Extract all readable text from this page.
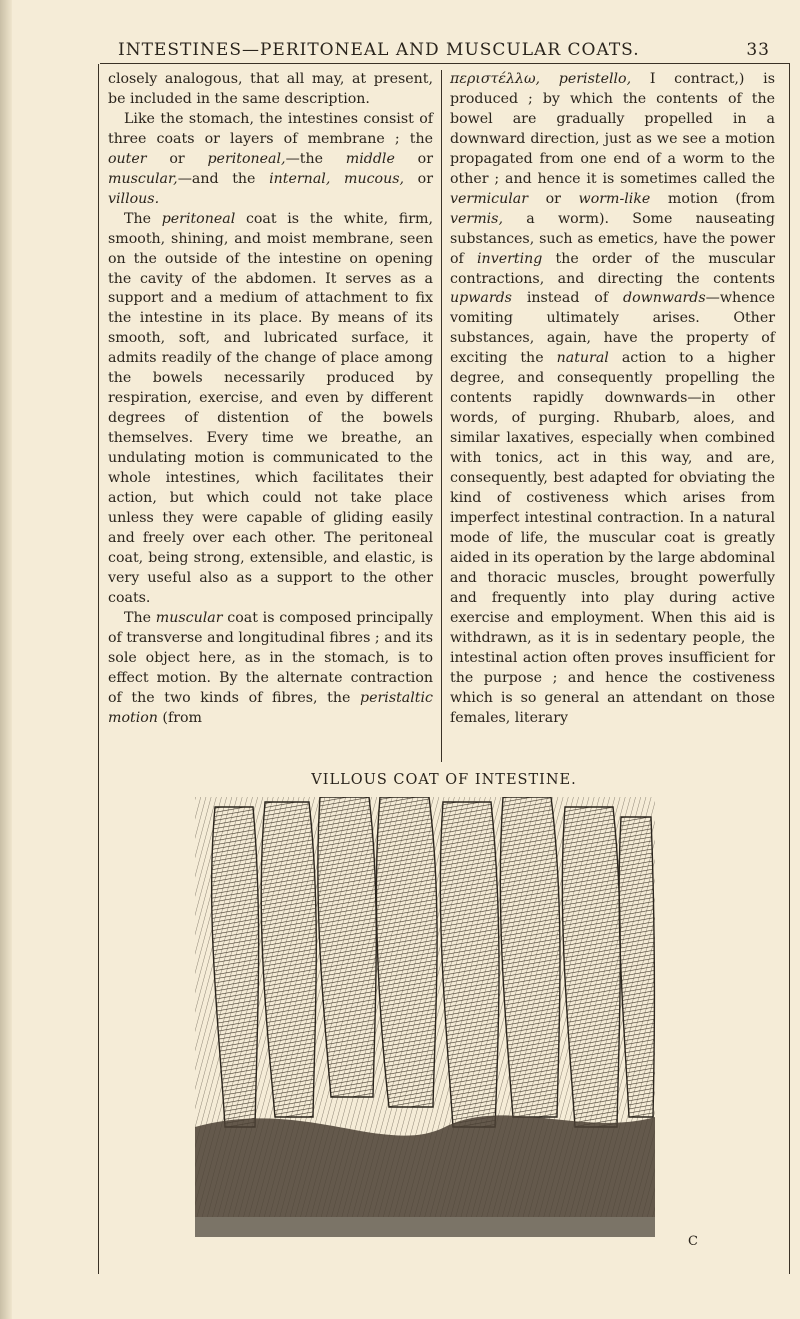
INTESTINES—PERITONEAL AND MUSCULAR COATS.	33

closely analogous, that all may, at present, be included in the same description.

Like the stomach, the intestines consist of three coats or layers of membrane ; the outer or peritoneal,—the middle or muscular,—and the internal, mucous, or villous.

The peritoneal coat is the white, firm, smooth, shining, and moist membrane, seen on the outside of the intestine on opening the cavity of the abdomen. It serves as a support and a medium of attachment to fix the intestine in its place. By means of its smooth, soft, and lubricated surface, it admits readily of the change of place among the bowels necessarily produced by respiration, exercise, and even by different degrees of distention of the bowels themselves. Every time we breathe, an undulating motion is communicated to the whole intestines, which facilitates their action, but which could not take place unless they were capable of gliding easily and freely over each other. The peritoneal coat, being strong, extensible, and elastic, is very useful also as a support to the other coats.

The muscular coat is composed principally of transverse and longitudinal fibres ; and its sole object here, as in the stomach, is to effect motion. By the alternate contraction of the two kinds of fibres, the peristaltic motion (from

περιστέλλω, peristello, I contract,) is produced ; by which the contents of the bowel are gradually propelled in a downward direction, just as we see a motion propagated from one end of a worm to the other ; and hence it is sometimes called the vermicular or worm-like motion (from vermis, a worm). Some nauseating substances, such as emetics, have the power of inverting the order of the muscular contractions, and directing the contents upwards instead of downwards—whence vomiting ultimately arises. Other substances, again, have the property of exciting the natural action to a higher degree, and consequently propelling the contents rapidly downwards—in other words, of purging. Rhubarb, aloes, and similar laxatives, especially when combined with tonics, act in this way, and are, consequently, best adapted for obviating the kind of costiveness which arises from imperfect intestinal contraction. In a natural mode of life, the muscular coat is greatly aided in its operation by the large abdominal and thoracic muscles, brought powerfully and frequently into play during active exercise and employment. When this aid is withdrawn, as it is in sedentary people, the intestinal action often proves insufficient for the purpose ; and hence the costiveness which is so general an attendant on those females, literary

VILLOUS COAT OF INTESTINE.
C
